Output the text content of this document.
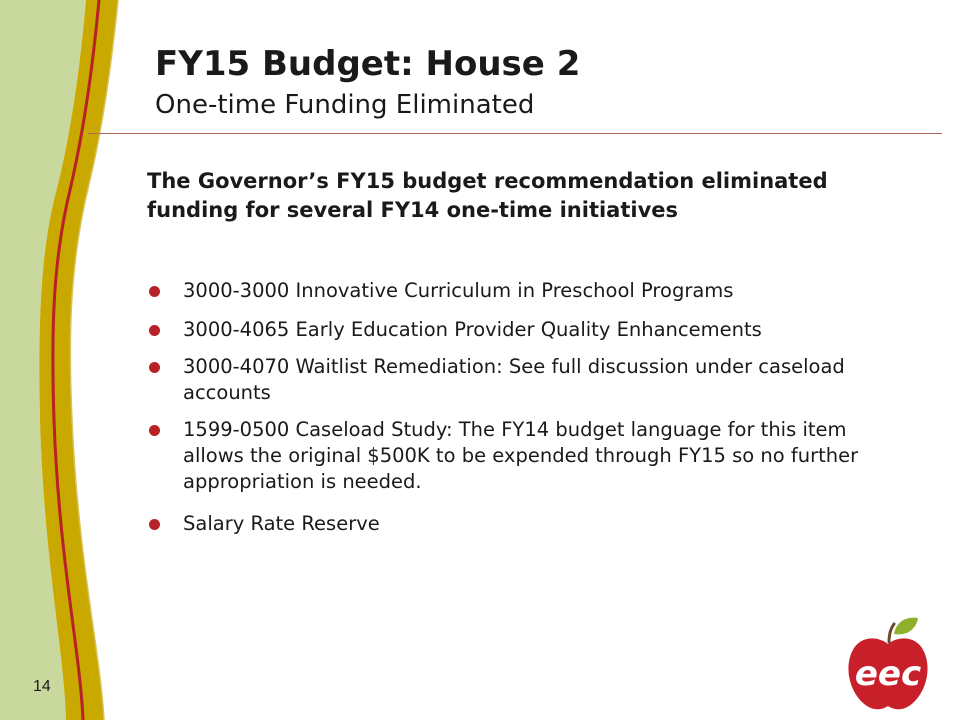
FY15 Budget: House 2
One-time Funding Eliminated

The Governor’s FY15 budget recommendation eliminated funding for several FY14 one-time initiatives

3000-3000 Innovative Curriculum in Preschool Programs
3000-4065 Early Education Provider Quality Enhancements
3000-4070 Waitlist Remediation: See full discussion under caseload accounts
1599-0500 Caseload Study: The FY14 budget language for this item allows the original $500K to be expended through FY15 so no further appropriation is needed.
Salary Rate Reserve
14	eec
